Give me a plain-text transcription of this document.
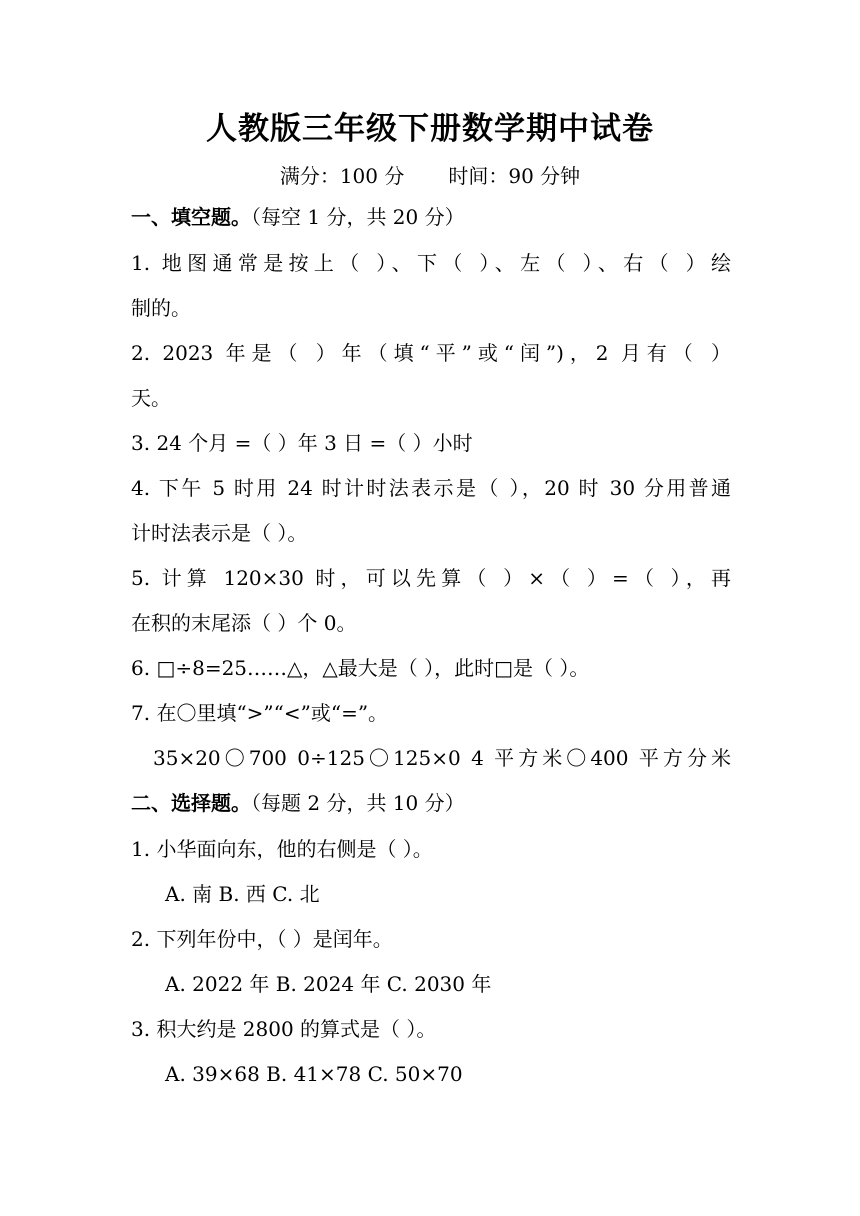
人教版三年级下册数学期中试卷
满分：100 分 时间：90 分钟
一、填空题。（每空 1 分，共 20 分）
1. 地图通常是按上（ ）、下（ ）、左（ ）、右（ ）绘
制的。
2. 2023 年是（ ）年（填“平”或“闰”)，2 月有（ ）
天。
3. 24 个月 =（ ）年 3 日 =（ ）小时
4. 下午 5 时用 24 时计时法表示是（ ），20 时 30 分用普通
计时法表示是（ ）。
5. 计算 120×30 时，可以先算（ ）×（ ）=（ ），再
在积的末尾添（ ）个 0。
6. □÷8=25……△，△最大是（ ），此时□是（ ）。
7. 在〇里填“>”“<”或“=”。
35×20〇700 0÷125〇125×0 4 平方米〇400 平方分米
二、选择题。（每题 2 分，共 10 分）
1. 小华面向东，他的右侧是（ ）。
A. 南 B. 西 C. 北
2. 下列年份中，（ ）是闰年。
A. 2022 年 B. 2024 年 C. 2030 年
3. 积大约是 2800 的算式是（ ）。
A. 39×68 B. 41×78 C. 50×70
